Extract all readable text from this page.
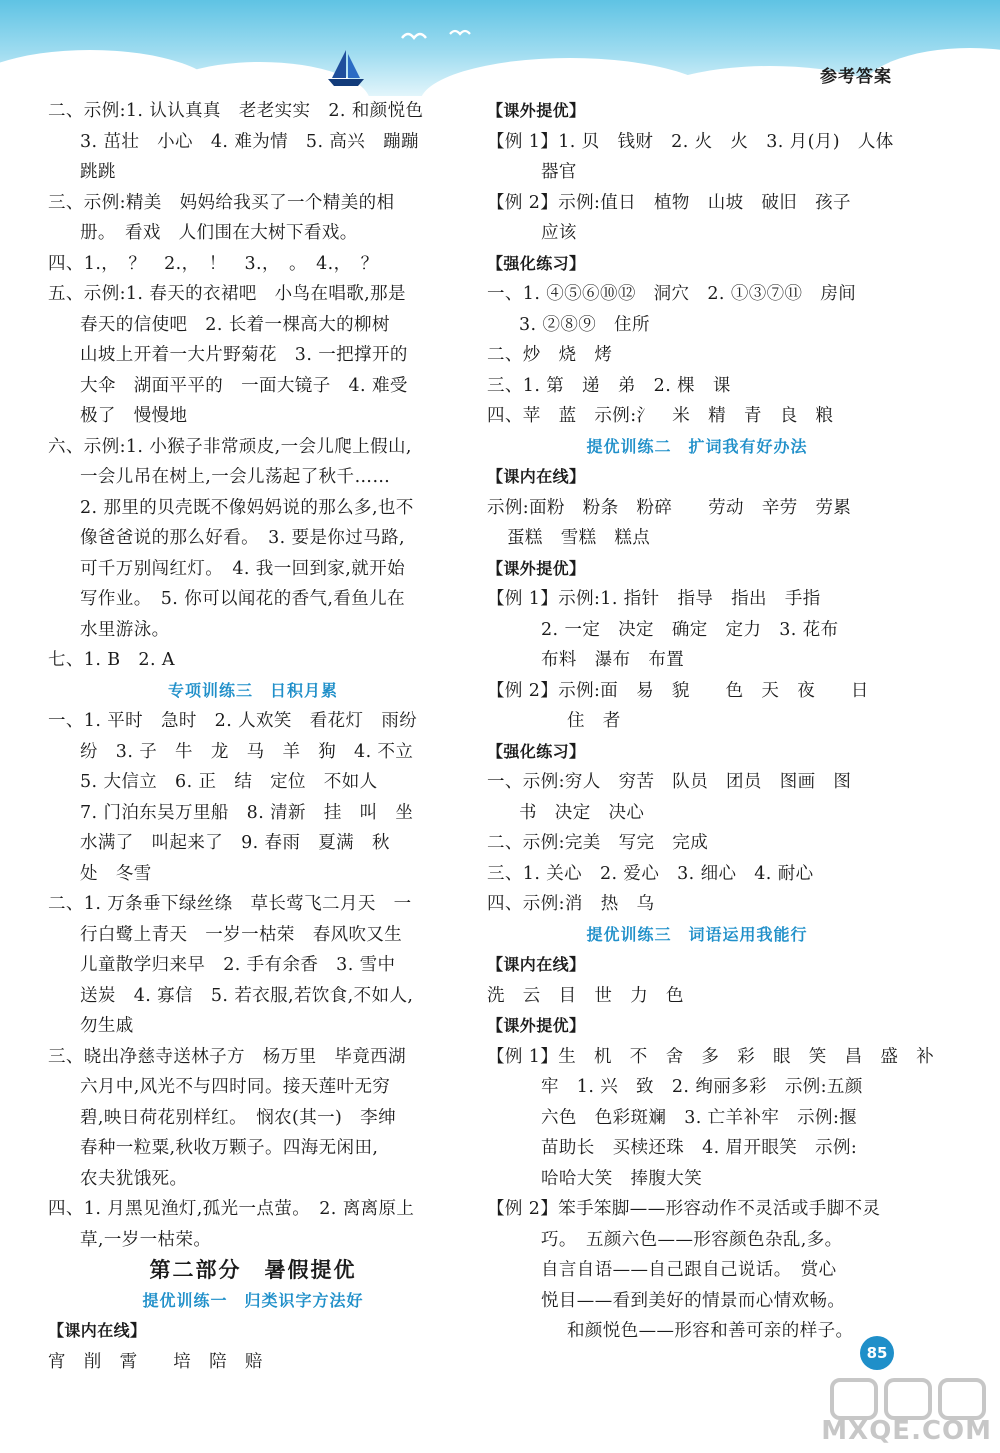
参考答案
二、示例:1. 认认真真　老老实实　2. 和颜悦色
3. 茁壮　小心　4. 难为情　5. 高兴　蹦蹦
跳跳
三、示例:精美　妈妈给我买了一个精美的相
册。　看戏　人们围在大树下看戏。
四、1.，　？　2.，　！　3.，　。　4.，　？
五、示例:1. 春天的衣裙吧　小鸟在唱歌,那是
春天的信使吧　2. 长着一棵高大的柳树
山坡上开着一大片野菊花　3. 一把撑开的
大伞　湖面平平的　一面大镜子　4. 难受
极了　慢慢地
六、示例:1. 小猴子非常顽皮,一会儿爬上假山,
一会儿吊在树上,一会儿荡起了秋千……
2. 那里的贝壳既不像妈妈说的那么多,也不
像爸爸说的那么好看。　3. 要是你过马路,
可千万别闯红灯。　4. 我一回到家,就开始
写作业。　5. 你可以闻花的香气,看鱼儿在
水里游泳。
七、1. B　2. A
专项训练三　日积月累
一、1. 平时　急时　2. 人欢笑　看花灯　雨纷
纷　3. 子　牛　龙　马　羊　狗　4. 不立
5. 大信立　6. 正　结　定位　不如人
7. 门泊东吴万里船　8. 清新　挂　叫　坐
水满了　叫起来了　9. 春雨　夏满　秋
处　冬雪
二、1. 万条垂下绿丝绦　草长莺飞二月天　一
行白鹭上青天　一岁一枯荣　春风吹又生
儿童散学归来早　2. 手有余香　3. 雪中
送炭　4. 寡信　5. 若衣服,若饮食,不如人,
勿生戚
三、晓出净慈寺送林子方　杨万里　毕竟西湖
六月中,风光不与四时同。接天莲叶无穷
碧,映日荷花别样红。　悯农(其一)　李绅
春种一粒粟,秋收万颗子。四海无闲田,
农夫犹饿死。
四、1. 月黑见渔灯,孤光一点萤。　2. 离离原上
草,一岁一枯荣。
第二部分　暑假提优
提优训练一　归类识字方法好
【课内在线】
宵　削　霄　　培　陪　赔
【课外提优】
【例 1】1. 贝　钱财　2. 火　火　3. 月(月)　人体
器官
【例 2】示例:值日　植物　山坡　破旧　孩子
应该
【强化练习】
一、1. ④⑤⑥⑩⑫　洞穴　2. ①③⑦⑪　房间
3. ②⑧⑨　住所
二、炒　烧　烤
三、1. 第　递　弟　2. 棵　课
四、苹　蓝　示例:氵　米　精　青　良　粮
提优训练二　扩词我有好办法
【课内在线】
示例:面粉　粉条　粉碎　　劳动　辛劳　劳累
蛋糕　雪糕　糕点
【课外提优】
【例 1】示例:1. 指针　指导　指出　手指
2. 一定　决定　确定　定力　3. 花布
布料　瀑布　布置
【例 2】示例:面　易　貌　　色　天　夜　　日
住　者
【强化练习】
一、示例:穷人　穷苦　队员　团员　图画　图
书　决定　决心
二、示例:完美　写完　完成
三、1. 关心　2. 爱心　3. 细心　4. 耐心
四、示例:消　热　乌
提优训练三　词语运用我能行
【课内在线】
洗　云　目　世　力　色
【课外提优】
【例 1】生　机　不　舍　多　彩　眼　笑　昌　盛　补
牢　1. 兴　致　2. 绚丽多彩　示例:五颜
六色　色彩斑斓　3. 亡羊补牢　示例:揠
苗助长　买椟还珠　4. 眉开眼笑　示例:
哈哈大笑　捧腹大笑
【例 2】笨手笨脚——形容动作不灵活或手脚不灵
巧。　五颜六色——形容颜色杂乱,多。
自言自语——自己跟自己说话。　赏心
悦目——看到美好的情景而心情欢畅。
和颜悦色——形容和善可亲的样子。
85
MXQE.COM
